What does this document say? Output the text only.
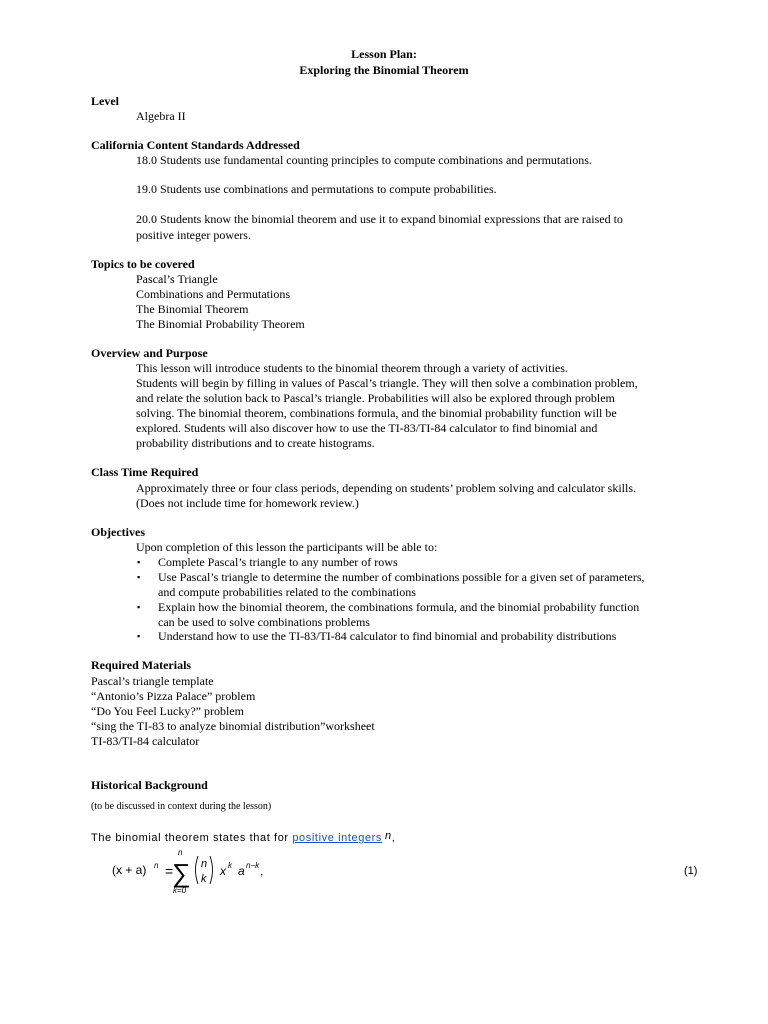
Lesson Plan:
Exploring the Binomial Theorem
Level
Algebra II
California Content Standards Addressed
18.0 Students use fundamental counting principles to compute combinations and permutations.
19.0 Students use combinations and permutations to compute probabilities.
20.0 Students know the binomial theorem and use it to expand binomial expressions that are raised to
positive integer powers.
Topics to be covered
Pascal’s Triangle
Combinations and Permutations
The Binomial Theorem
The Binomial Probability Theorem
Overview and Purpose
This lesson will introduce students to the binomial theorem through a variety of activities.
Students will begin by filling in values of Pascal’s triangle. They will then solve a combination problem,
and relate the solution back to Pascal’s triangle. Probabilities will also be explored through problem
solving. The binomial theorem, combinations formula, and the binomial probability function will be
explored. Students will also discover how to use the TI-83/TI-84 calculator to find binomial and
probability distributions and to create histograms.
Class Time Required
Approximately three or four class periods, depending on students’ problem solving and calculator skills.
(Does not include time for homework review.)
Objectives
Upon completion of this lesson the participants will be able to:
▪ Complete Pascal’s triangle to any number of rows
▪ Use Pascal’s triangle to determine the number of combinations possible for a given set of parameters,
and compute probabilities related to the combinations
▪ Explain how the binomial theorem, the combinations formula, and the binomial probability function
can be used to solve combinations problems
▪ Understand how to use the TI-83/TI-84 calculator to find binomial and probability distributions
Required Materials
Pascal’s triangle template
“Antonio’s Pizza Palace” problem
“Do You Feel Lucky?” problem
“sing the TI-83 to analyze binomial distribution”worksheet
TI-83/TI-84 calculator
Historical Background
(to be discussed in context during the lesson)
The binomial theorem states that for positive integers n,
(x + a) n =
n
∑
k=0
n
k
x k a n−k ,	(1)
